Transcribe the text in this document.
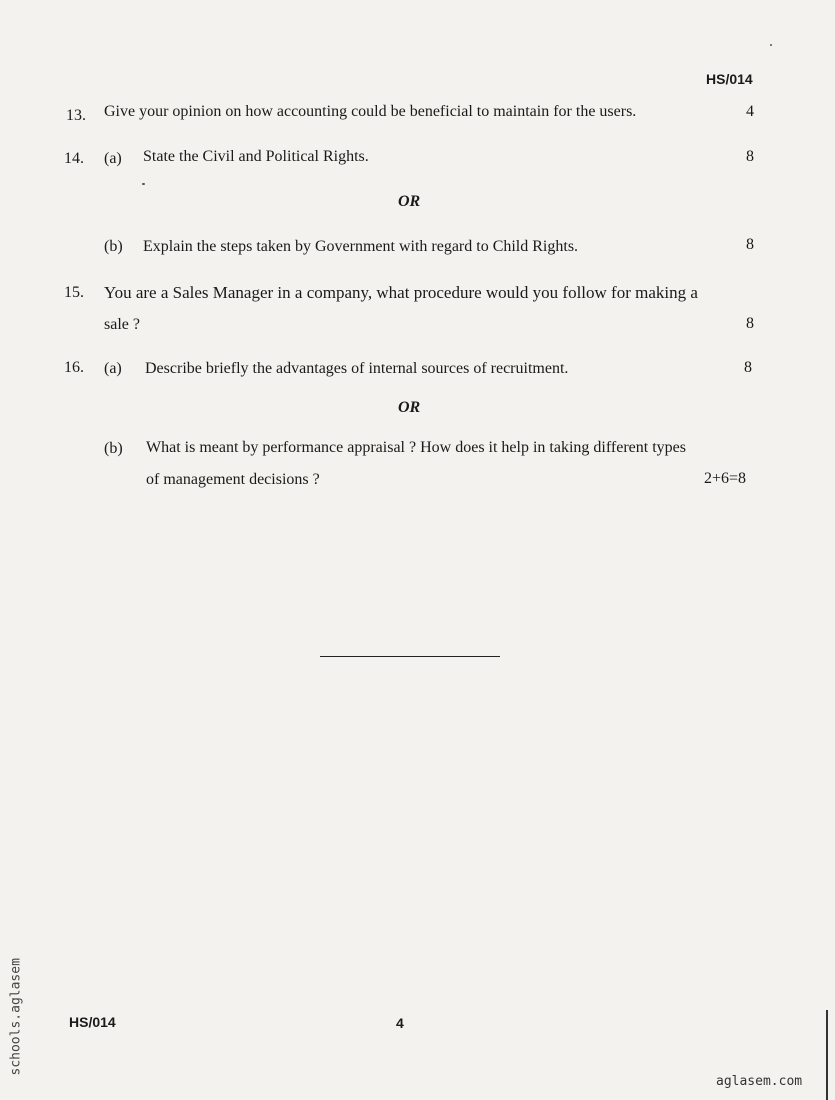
HS/014
13. Give your opinion on how accounting could be beneficial to maintain for the users.	4
14. (a) State the Civil and Political Rights.	8
OR
(b) Explain the steps taken by Government with regard to Child Rights.	8
15. You are a Sales Manager in a company, what procedure would you follow for making a
sale ?	8
16. (a) Describe briefly the advantages of internal sources of recruitment.	8
OR
(b) What is meant by performance appraisal ? How does it help in taking different types
of management decisions ?	2+6=8
HS/014	4
schools.aglasem
aglasem.com
